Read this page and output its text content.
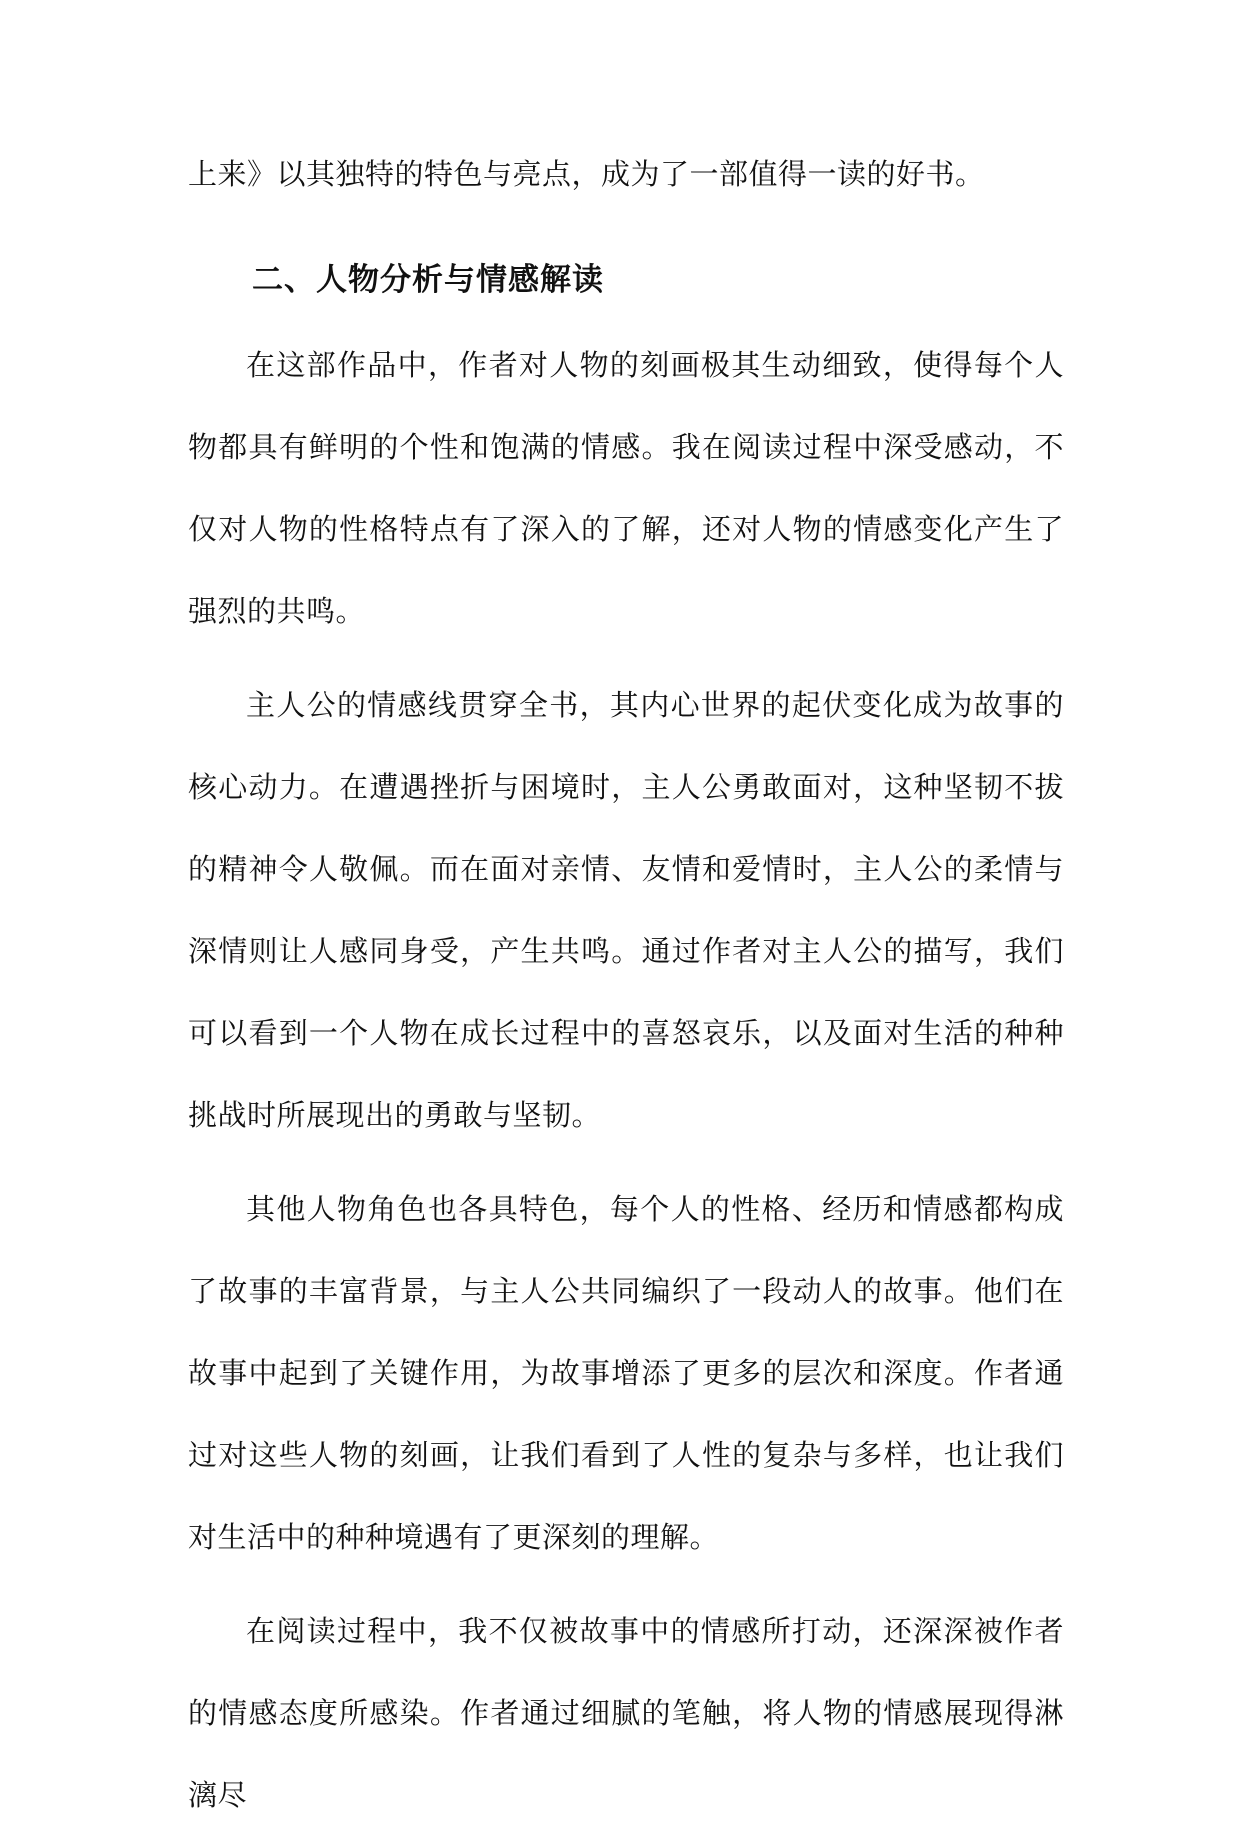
上来》以其独特的特色与亮点，成为了一部值得一读的好书。

二、人物分析与情感解读

在这部作品中，作者对人物的刻画极其生动细致，使得每个人物都具有鲜明的个性和饱满的情感。我在阅读过程中深受感动，不仅对人物的性格特点有了深入的了解，还对人物的情感变化产生了强烈的共鸣。

主人公的情感线贯穿全书，其内心世界的起伏变化成为故事的核心动力。在遭遇挫折与困境时，主人公勇敢面对，这种坚韧不拔的精神令人敬佩。而在面对亲情、友情和爱情时，主人公的柔情与深情则让人感同身受，产生共鸣。通过作者对主人公的描写，我们可以看到一个人物在成长过程中的喜怒哀乐，以及面对生活的种种挑战时所展现出的勇敢与坚韧。

其他人物角色也各具特色，每个人的性格、经历和情感都构成了故事的丰富背景，与主人公共同编织了一段动人的故事。他们在故事中起到了关键作用，为故事增添了更多的层次和深度。作者通过对这些人物的刻画，让我们看到了人性的复杂与多样，也让我们对生活中的种种境遇有了更深刻的理解。

在阅读过程中，我不仅被故事中的情感所打动，还深深被作者的情感态度所感染。作者通过细腻的笔触，将人物的情感展现得淋漓尽
